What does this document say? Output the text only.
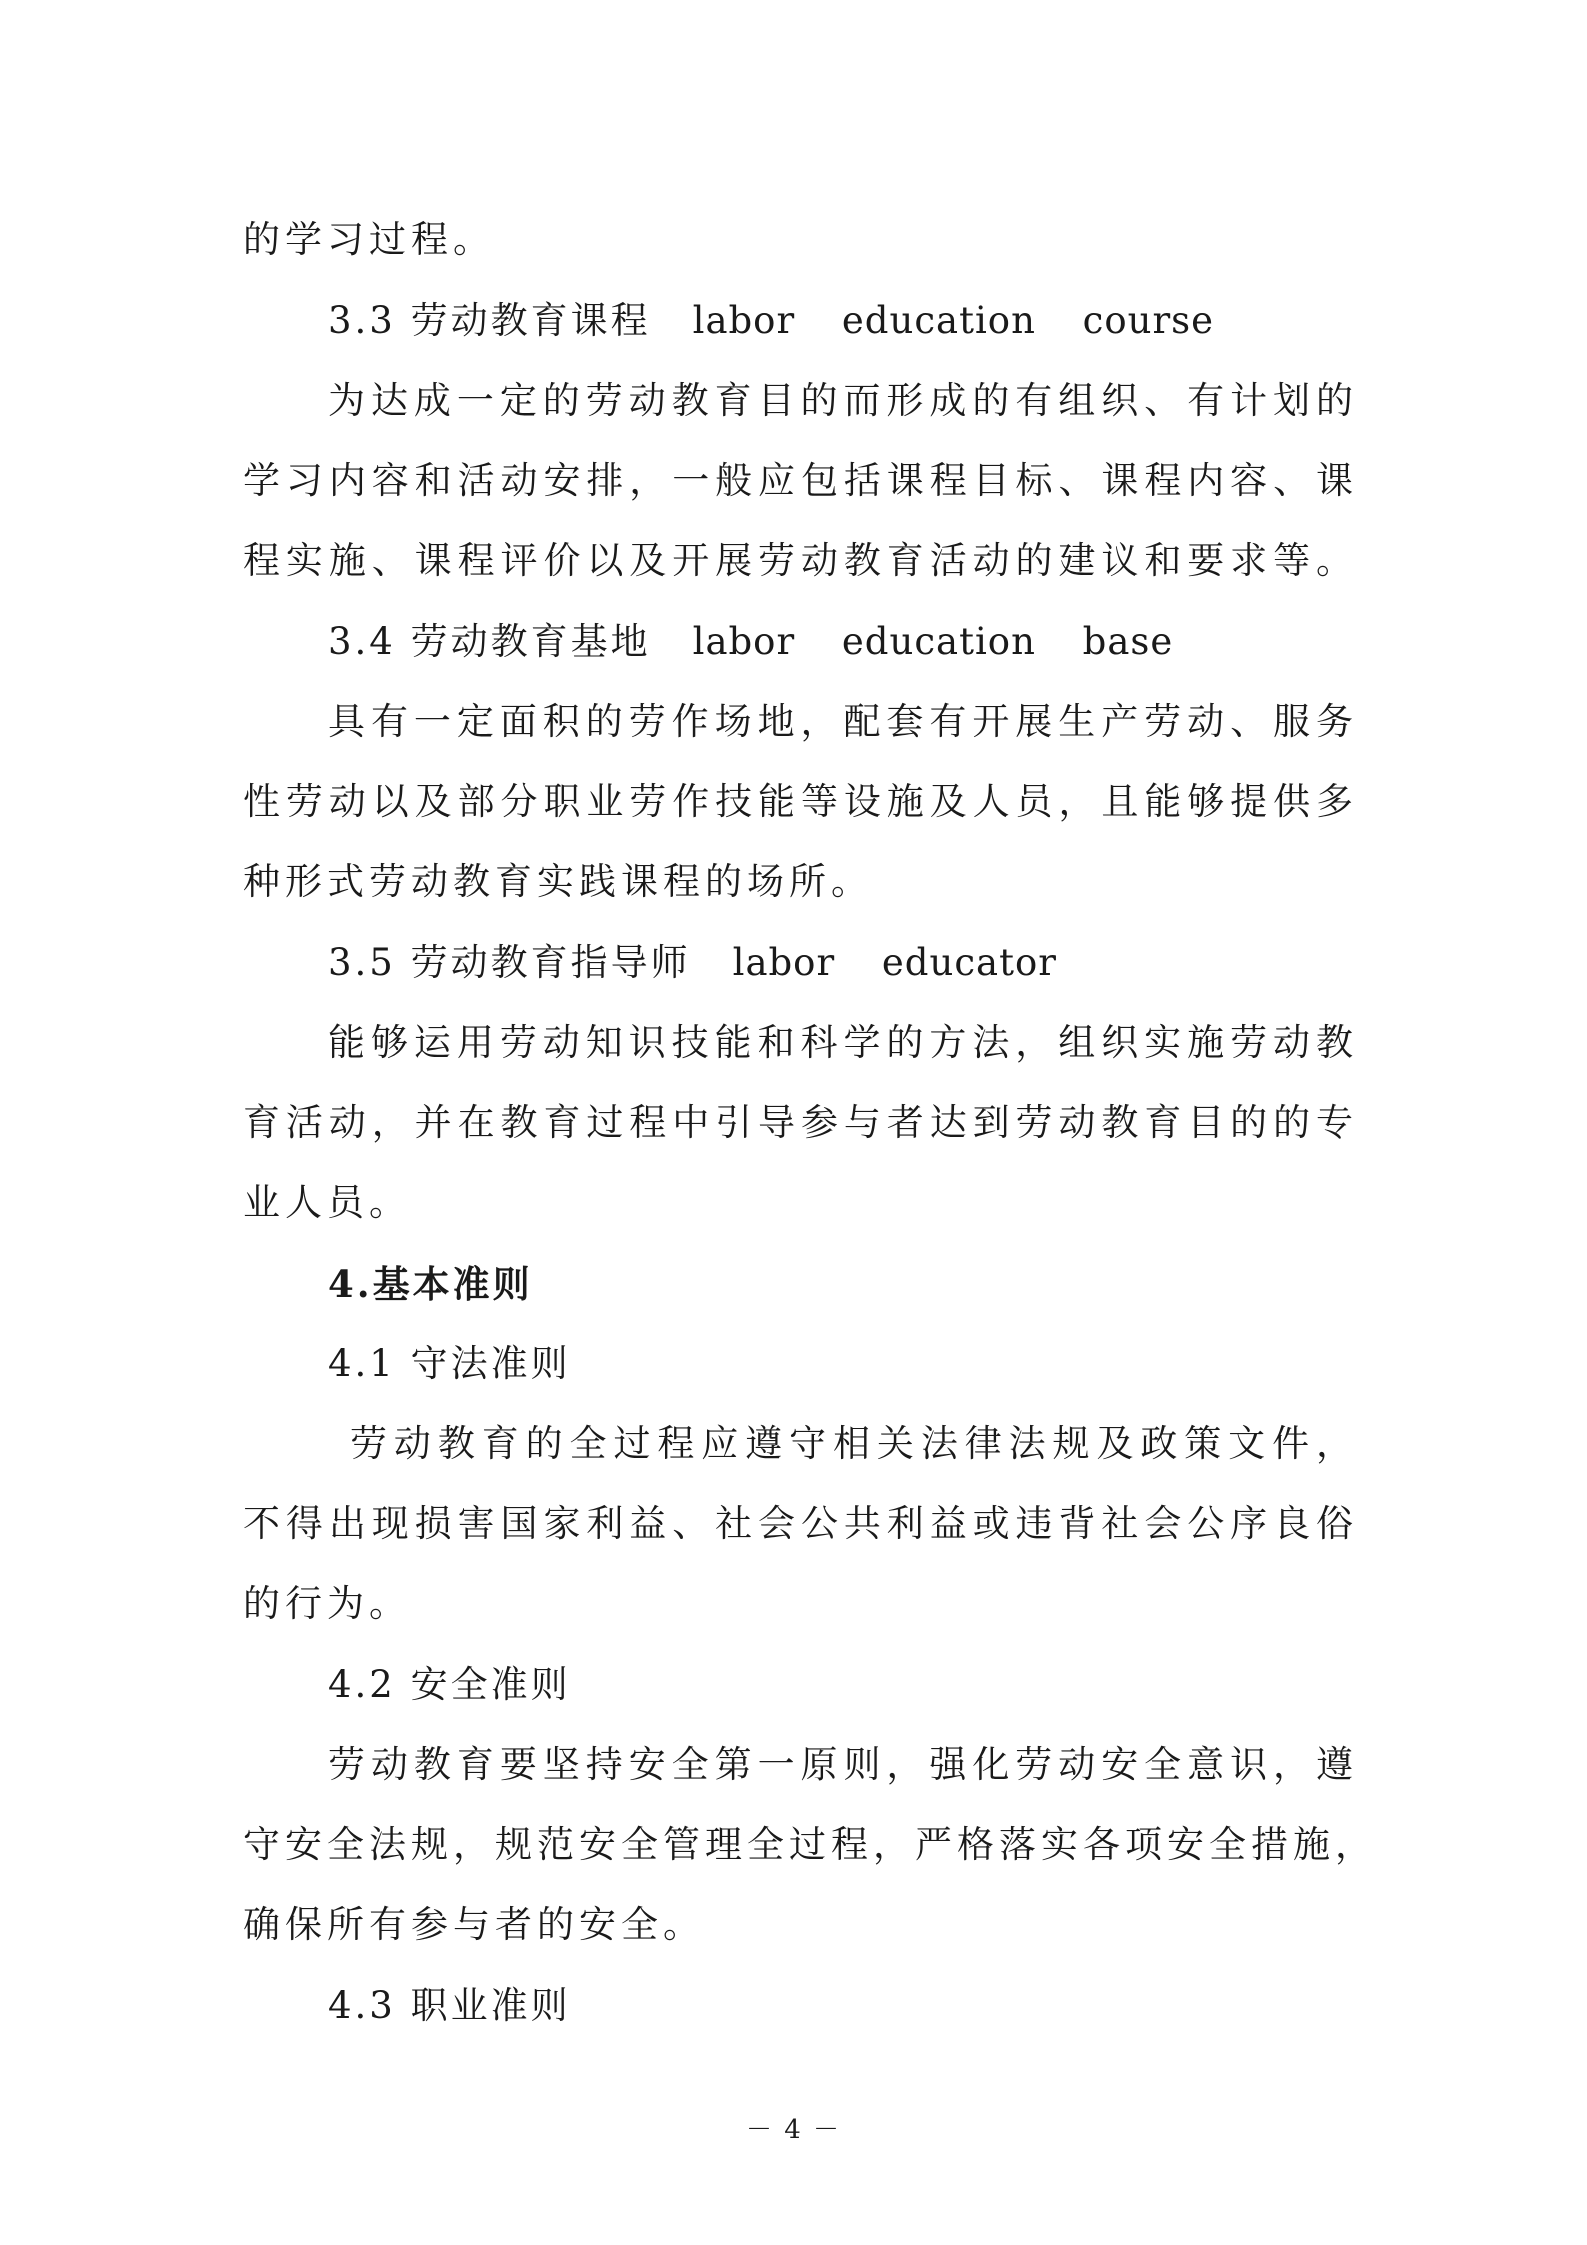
的学习过程。
3.3 劳动教育课程 labor education course
为达成一定的劳动教育目的而形成的有组织、有计划的
学习内容和活动安排，一般应包括课程目标、课程内容、课
程实施、课程评价以及开展劳动教育活动的建议和要求等。
3.4 劳动教育基地 labor education base
具有一定面积的劳作场地，配套有开展生产劳动、服务
性劳动以及部分职业劳作技能等设施及人员，且能够提供多
种形式劳动教育实践课程的场所。
3.5 劳动教育指导师 labor educator
能够运用劳动知识技能和科学的方法，组织实施劳动教
育活动，并在教育过程中引导参与者达到劳动教育目的的专
业人员。
4.基本准则
4.1 守法准则
劳动教育的全过程应遵守相关法律法规及政策文件，
不得出现损害国家利益、社会公共利益或违背社会公序良俗
的行为。
4.2 安全准则
劳动教育要坚持安全第一原则，强化劳动安全意识，遵
守安全法规，规范安全管理全过程，严格落实各项安全措施，
确保所有参与者的安全。
4.3 职业准则
－ 4 －
